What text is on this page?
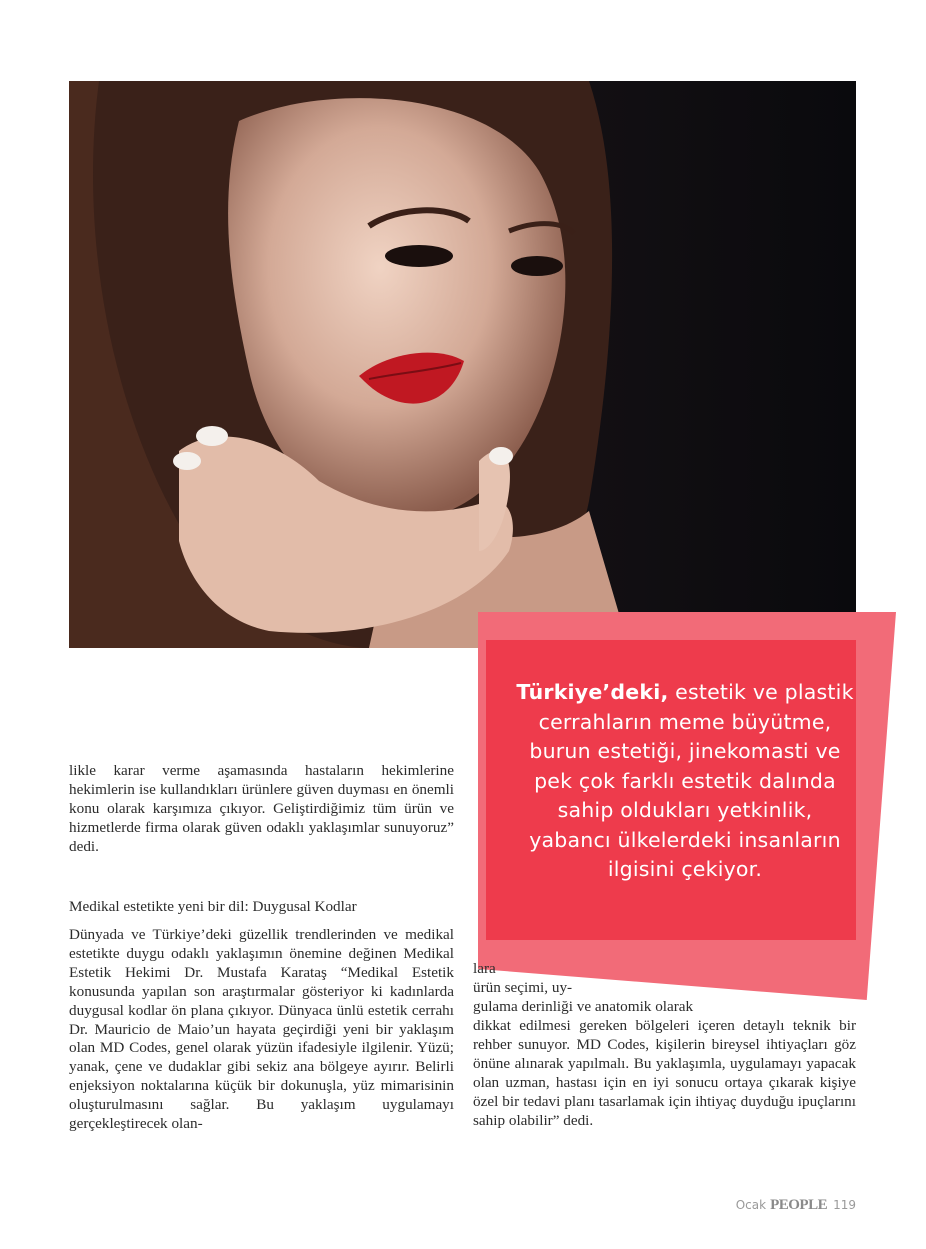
Türkiye’deki, estetik ve plastik cerrahların meme büyütme, burun estetiği, jinekomasti ve pek çok farklı estetik dalında sahip oldukları yetkinlik, yabancı ülkelerdeki insanların ilgisini çekiyor.

likle karar verme aşamasında hastaların hekimlerine hekimlerin ise kullandıkları ürünlere güven duyması en önemli konu olarak karşımıza çıkıyor. Geliştirdiğimiz tüm ürün ve hizmetlerde firma olarak güven odaklı yaklaşımlar sunuyoruz” dedi.

Medikal estetikte yeni bir dil: Duygusal Kodlar

Dünyada ve Türkiye’deki güzellik trendlerinden ve medikal estetikte duygu odaklı yaklaşımın önemine değinen Medikal Estetik Hekimi Dr. Mustafa Karataş “Medikal Estetik konusunda yapılan son araştırmalar gösteriyor ki kadınlarda duygusal kodlar ön plana çıkıyor. Dünyaca ünlü estetik cerrahı Dr. Mauricio de Maio’un hayata geçirdiği yeni bir yaklaşım olan MD Codes, genel olarak yüzün ifadesiyle ilgilenir. Yüzü; yanak, çene ve dudaklar gibi sekiz ana bölgeye ayırır. Belirli enjeksiyon noktalarına küçük bir dokunuşla, yüz mimarisinin oluşturulmasını sağlar. Bu yaklaşım uygulamayı gerçekleştirecek olan-

lara

ürün seçimi, uy-

gulama derinliği ve anatomik olarak

dikkat edilmesi gereken bölgeleri içeren detaylı teknik bir rehber sunuyor. MD Codes, kişilerin bireysel ihtiyaçları göz önüne alınarak yapılmalı. Bu yaklaşımla, uygulamayı yapacak olan uzman, hastası için en iyi sonucu ortaya çıkarak kişiye özel bir tedavi planı tasarlamak için ihtiyaç duyduğu ipuçlarını sahip olabilir” dedi.

Ocak PEOPLE 119
